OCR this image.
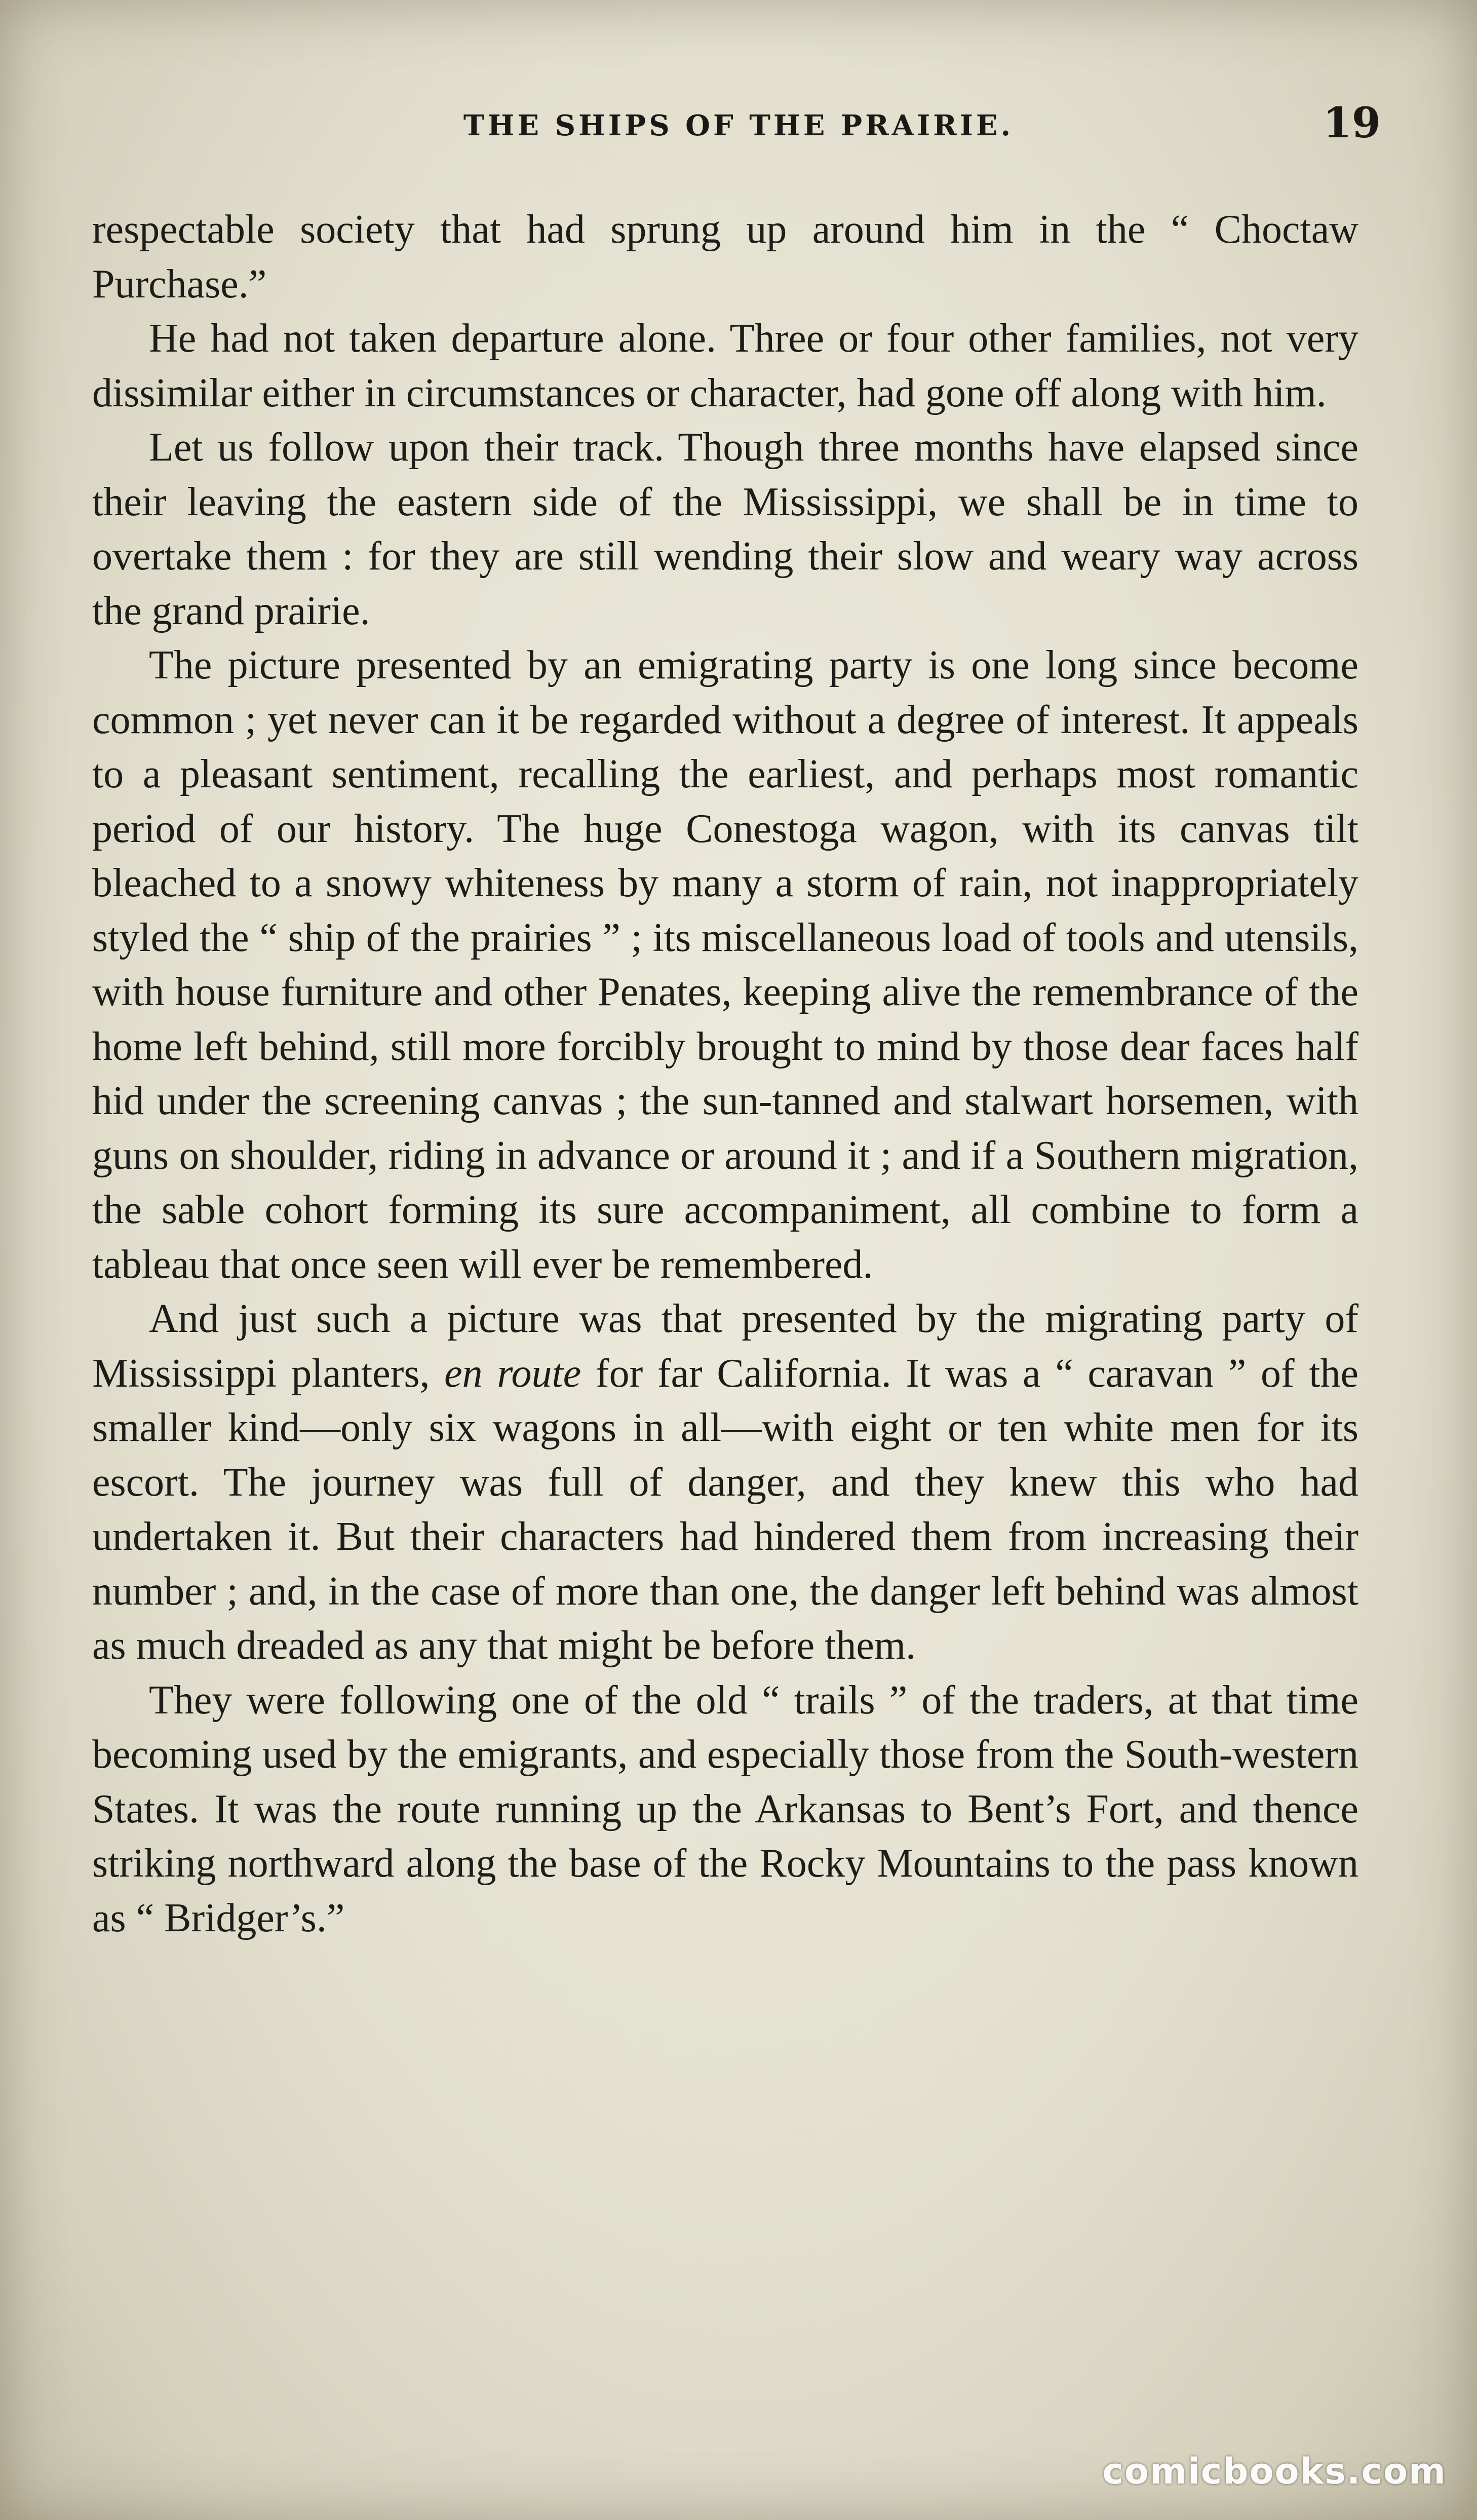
THE SHIPS OF THE PRAIRIE.	19

respectable society that had sprung up around him in the “ Choctaw Purchase.”

He had not taken departure alone. Three or four other families, not very dissimilar either in circumstances or character, had gone off along with him.

Let us follow upon their track. Though three months have elapsed since their leaving the eastern side of the Mississippi, we shall be in time to overtake them : for they are still wending their slow and weary way across the grand prairie.

The picture presented by an emigrating party is one long since become common ; yet never can it be regarded without a degree of interest. It appeals to a pleasant sentiment, recalling the earliest, and perhaps most romantic period of our history. The huge Conestoga wagon, with its canvas tilt bleached to a snowy whiteness by many a storm of rain, not inappropriately styled the “ ship of the prairies ” ; its miscellaneous load of tools and utensils, with house furniture and other Penates, keeping alive the remembrance of the home left behind, still more forcibly brought to mind by those dear faces half hid under the screening canvas ; the sun-tanned and stalwart horsemen, with guns on shoulder, riding in advance or around it ; and if a Southern migration, the sable cohort forming its sure accompaniment, all combine to form a tableau that once seen will ever be remembered.

And just such a picture was that presented by the migrating party of Mississippi planters, en route for far California. It was a “ caravan ” of the smaller kind—only six wagons in all—with eight or ten white men for its escort. The journey was full of danger, and they knew this who had undertaken it. But their characters had hindered them from increasing their number ; and, in the case of more than one, the danger left behind was almost as much dreaded as any that might be before them.

They were following one of the old “ trails ” of the traders, at that time becoming used by the emigrants, and especially those from the South-western States. It was the route running up the Arkansas to Bent’s Fort, and thence striking northward along the base of the Rocky Mountains to the pass known as “ Bridger’s.”

comicbooks.com
